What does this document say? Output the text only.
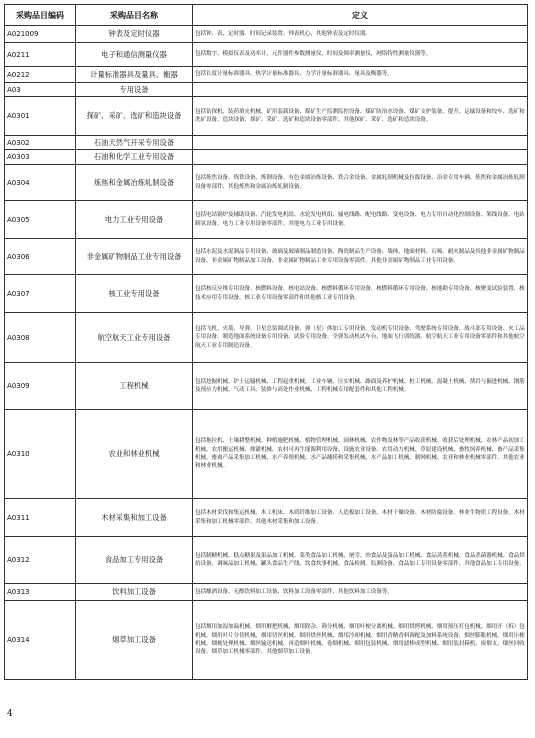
采购品目编码	采购品目名称	定义
A021009	钟表及定时仪器	包括钟、表、定时器、时间记录装置、钟表机心、其他钟表及定时仪器。

A0211	电子和通信测量仪器	包括数字、模拟仪表及功率计，元件器件参数测量仪，时间及频率测量仪，网络特性测量仪器等。

A0212	计量标准器具及量具、衡器	包括长度计量标准器具、热学计量标准器具、力学计量标准器具、量具及衡器等。

A03	专用设备	

A0301	探矿、采矿、选矿和造块设备	包括钻探机、装药填充机械、矿用装载设备、煤矿生产监测监控设备、煤矿防治水设备、煤矿支护装备、提升、运输设备和绞车、选矿和洗矿设备、造块设备、探矿、采矿、选矿和造块设备零部件、其他探矿、采矿、选矿和造块设备。

A0302	石油天然气开采专用设备	

A0303	石油和化学工业专用设备	

A0304	炼焦和金属冶炼轧制设备	包括炼焦设备、炼铁设备、炼钢设备、有色金属冶炼设备、铁合金设备、金属轧制机械及拉拔设备、冶金专用车辆、炼焦和金属冶炼轧制设备零部件、其他炼焦和金属冶炼轧制设备。

A0305	电力工业专用设备	包括电站锅炉及辅助设备、汽轮发电机组、水轮发电机组、输电线路、配电线路、变电设备、电力专用自动化控制设备、架线设备、电站制氢设备、电力工业专用设备零部件、其他电力工业专用设备。

A0306	非金属矿物制品工业专用设备	包括水泥及水泥制品专用设备、玻璃及玻璃制品制造设备、陶瓷制品生产设备、墙体、地面材料、石棉、耐火制品及其他非金属矿物制品设备、非金属矿物制品加工设备、非金属矿物制品工业专用设备零部件、其他非金属矿物制品工业专用设备。

A0307	核工业专用设备	包括核反应堆专用设备、核燃料设备、核电站设备、核燃料循环专用设备、核燃料循环专用设备、核地勘专用设备、核聚变试验装置、核技术应用专用设备、核工业专用设备零部件和其他核工业专用设备。

A0308	航空航天工业专用设备	包括飞机、火箭、导弹、卫星总装调试设备、弹（星）体加工专用设备、发动机专用设备、驾驶系统专用设备、战斗部专用设备、火工品专用设备、制造地面系统设备专用设备，试验专用设备、全弹发动机试车台、地面飞行训练器、航空航天工业专用设备零部件和其他航空航天工业专用制造设备。

A0309	工程机械	包括挖掘机械、铲土运输机械、工程起重机械、工业车辆、压实机械、路面及养护机械、桩工机械、混凝土机械、凿岩与掘进机械、钢筋及预应力机械、气动工具、装修与高处作业机械、工程机械专用配套件和其他工程机械。

A0310	农业和林业机械	包括拖拉机、土壤耕整机械、种植施肥机械、植物管理机械、园林机械、农作物及林等产品收获机械、收获后处理机械、农林产品初加工机械、农用搬运机械、排灌机械、农村可再生能源利用设备、设施农业设备、农用动力机械、草原建设机械、畜牧饲养机械、畜产品采集机械、畜禽产品采集加工机械、水产养殖机械、水产品捕捞和采集机械、水产品加工机械、制网机械、农业和林业机械零部件、其他农业和林业机械。

A0311	木材采集和加工设备	包括木材采伐和集运机械、木工机床、木质纤维加工设备、人造板加工设备、木材干燥设备、木材防腐设备、林业生物质工程设备、木材采集和加工机械零部件、其他木材采集和加工设备。

A0312	食品加工专用设备	包括制糖机械、糕点糖果及果品加工机械、菜类食品加工机械、屠宰、肉食品及蛋品加工机械、食品蒸煮机械、食品杀菌器机械、食品烘焙设备、调味品加工机械、罐头食品生产线、饮食炊事机械、食品检测、监测设备、食品加工专用设备零部件、其他食品加工专用设备。

A0313	饮料加工设备	包括酿酒设备、无醇饮料加工设备、饮料加工设备零部件、其他饮料加工设备等。

A0314	烟草加工设备	包括烟用加湿加温机械、烟用解把机械、烟用除杂、筛分机械、烟用叶梗分离机械、烟用烘烤机械、烟用预压打包机械、烟用开（拆）包机械、烟用叶片分切机械、烟用切丝机械、烟用烘丝机械、烟用冷却机械、烟用香精香料调配及加料系统设备、烟丝膨胀机械、烟用压梗机械、烟梗处理机械、烟丝输送机械、再造烟叶机械、卷烟机械、烟用包装机械、烟用滤棒成型机械、烟用装封箱机、废烟支、烟丝回收设备、烟草加工机械零部件、其他烟草加工设备。
4
